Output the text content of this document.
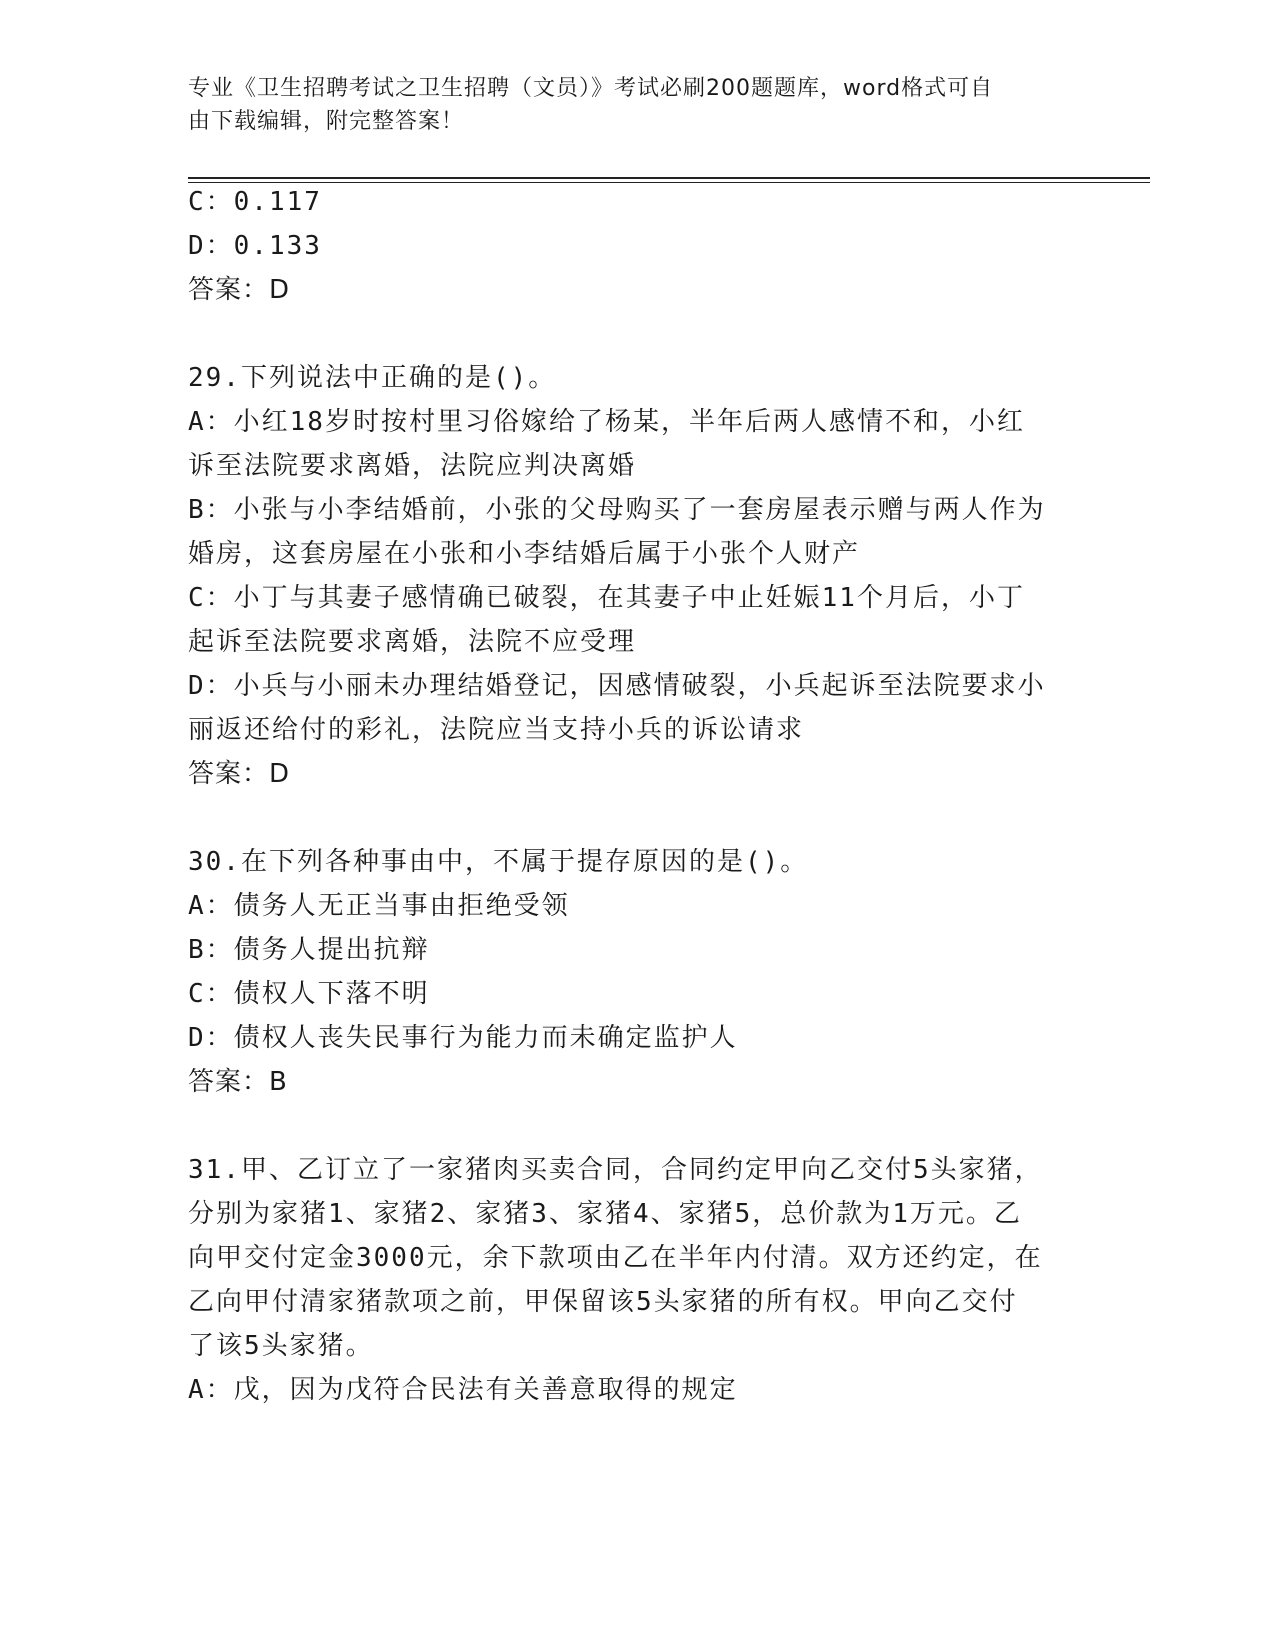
专业《卫生招聘考试之卫生招聘（文员）》考试必刷200题题库，word格式可自
由下载编辑，附完整答案！
C：0.117
D：0.133
答案：D
29.下列说法中正确的是()。
A：小红18岁时按村里习俗嫁给了杨某，半年后两人感情不和，小红
诉至法院要求离婚，法院应判决离婚
B：小张与小李结婚前，小张的父母购买了一套房屋表示赠与两人作为
婚房，这套房屋在小张和小李结婚后属于小张个人财产
C：小丁与其妻子感情确已破裂，在其妻子中止妊娠11个月后，小丁
起诉至法院要求离婚，法院不应受理
D：小兵与小丽未办理结婚登记，因感情破裂，小兵起诉至法院要求小
丽返还给付的彩礼，法院应当支持小兵的诉讼请求
答案：D
30.在下列各种事由中，不属于提存原因的是()。
A：债务人无正当事由拒绝受领
B：债务人提出抗辩
C：债权人下落不明
D：债权人丧失民事行为能力而未确定监护人
答案：B
31.甲、乙订立了一家猪肉买卖合同，合同约定甲向乙交付5头家猪，
分别为家猪1、家猪2、家猪3、家猪4、家猪5，总价款为1万元。乙
向甲交付定金3000元，余下款项由乙在半年内付清。双方还约定，在
乙向甲付清家猪款项之前，甲保留该5头家猪的所有权。甲向乙交付
了该5头家猪。
A：戊，因为戊符合民法有关善意取得的规定
